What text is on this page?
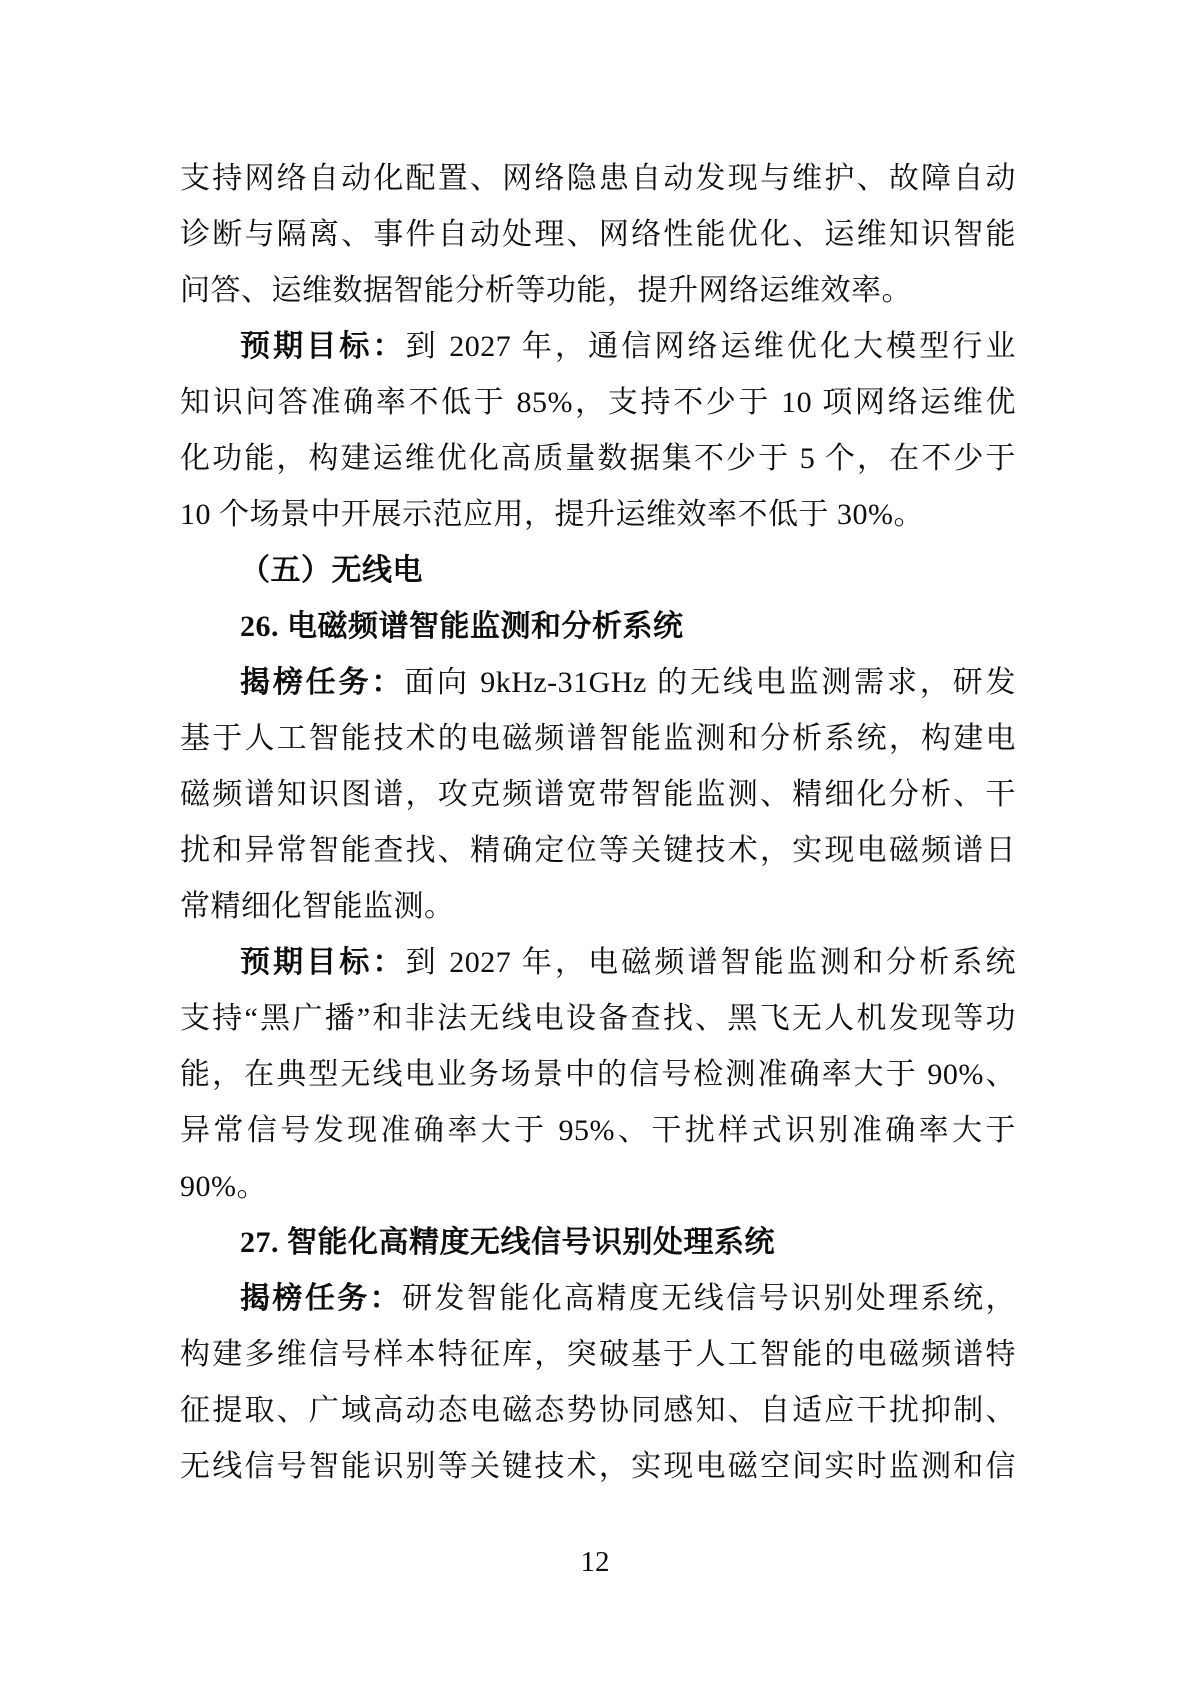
支持网络自动化配置、网络隐患自动发现与维护、故障自动
诊断与隔离、事件自动处理、网络性能优化、运维知识智能
问答、运维数据智能分析等功能，提升网络运维效率。
预期目标：到 2027 年，通信网络运维优化大模型行业
知识问答准确率不低于 85%，支持不少于 10 项网络运维优
化功能，构建运维优化高质量数据集不少于 5 个，在不少于
10 个场景中开展示范应用，提升运维效率不低于 30%。
（五）无线电
26. 电磁频谱智能监测和分析系统
揭榜任务：面向 9kHz-31GHz 的无线电监测需求，研发
基于人工智能技术的电磁频谱智能监测和分析系统，构建电
磁频谱知识图谱，攻克频谱宽带智能监测、精细化分析、干
扰和异常智能查找、精确定位等关键技术，实现电磁频谱日
常精细化智能监测。
预期目标：到 2027 年，电磁频谱智能监测和分析系统
支持“黑广播”和非法无线电设备查找、黑飞无人机发现等功
能，在典型无线电业务场景中的信号检测准确率大于 90%、
异常信号发现准确率大于 95%、干扰样式识别准确率大于
90%。
27. 智能化高精度无线信号识别处理系统
揭榜任务：研发智能化高精度无线信号识别处理系统，
构建多维信号样本特征库，突破基于人工智能的电磁频谱特
征提取、广域高动态电磁态势协同感知、自适应干扰抑制、
无线信号智能识别等关键技术，实现电磁空间实时监测和信
12
